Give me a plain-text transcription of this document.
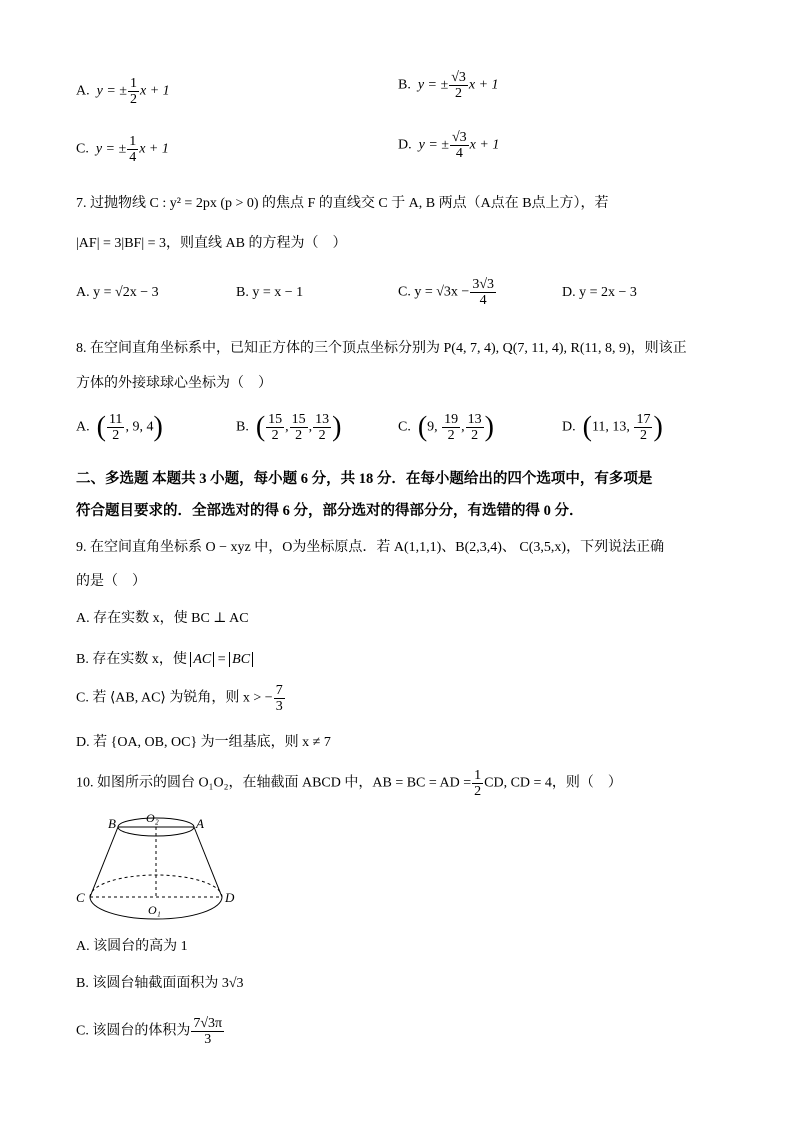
A. y = ± $\frac{1}{2}$ x + 1	B. y = ± $\frac{√3}{2}$ x + 1
C. y = ± $\frac{1}{4}$ x + 1	D. y = ± $\frac{√3}{4}$ x + 1
7. 过抛物线 C : y² = 2px (p > 0) 的焦点 F 的直线交 C 于 A, B 两点（A点在 B点上方），若
|AF| = 3|BF| = 3，则直线 AB 的方程为（　）
A. y = √2x − 3	B. y = x − 1	C. $y = √3x - \frac{3√3}{4}$	D. y = 2x − 3
8. 在空间直角坐标系中，已知正方体的三个顶点坐标分别为 P(4, 7, 4), Q(7, 11, 4), R(11, 8, 9)，则该正
方体的外接球球心坐标为（　）
A. ( $\frac{11}{2}$ , 9, 4)	B. ( $\frac{15}{2}$ , $\frac{15}{2}$ , $\frac{13}{2}$ )	C. (9, $\frac{19}{2}$ , $\frac{13}{2}$ )	D. (11, 13, $\frac{17}{2}$ )
二、多选题 本题共 3 小题，每小题 6 分，共 18 分．在每小题给出的四个选项中，有多项是
符合题目要求的．全部选对的得 6 分，部分选对的得部分分，有选错的得 0 分．
9. 在空间直角坐标系 O − xyz 中，O为坐标原点．若 A(1,1,1)、B(2,3,4)、 C(3,5,x)，下列说法正确
的是（　）
A. 存在实数 x，使 BC ⊥ AC
B. 存在实数 x，使 AC = BC
C. 若 ⟨AB, AC⟩ 为锐角，则 x > − $\frac{7}{3}$
D. 若 {OA, OB, OC} 为一组基底，则 x ≠ 7
10. 如图所示的圆台 O₁O₂，在轴截面 ABCD 中，AB = BC = AD = $\frac{1}{2}$ CD, CD = 4，则（　）
B	O₂	A
C
O₁
D
A. 该圆台的高为 1
B. 该圆台轴截面面积为 3√3
C. 该圆台的体积为 $\frac{7√3\pi}{3}$
